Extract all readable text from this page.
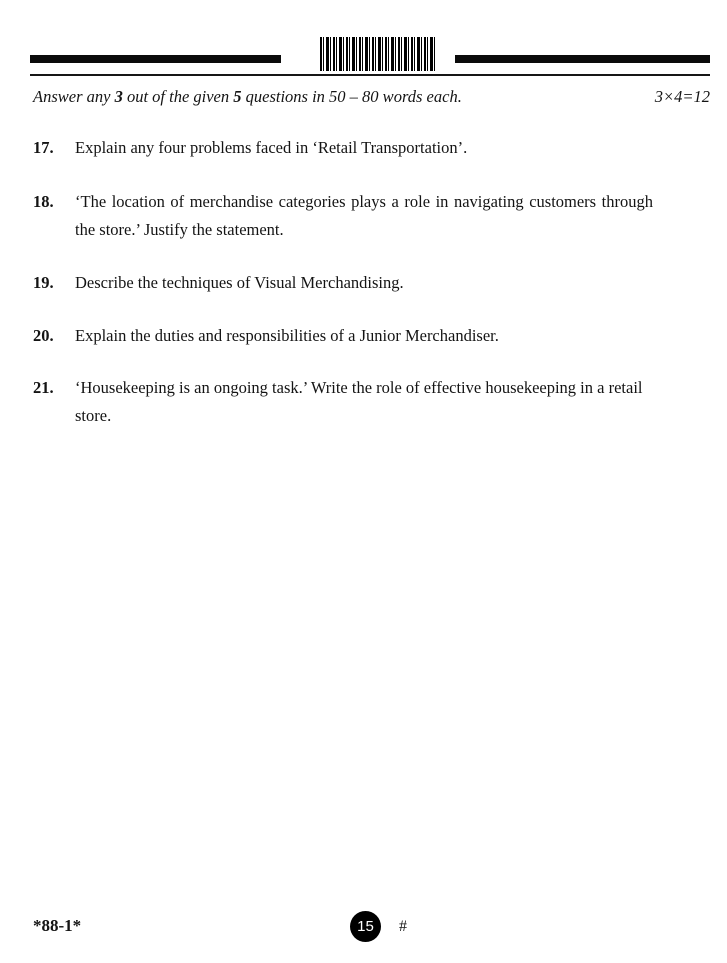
Answer any 3 out of the given 5 questions in 50 – 80 words each.	3×4=12
17.	Explain any four problems faced in ‘Retail Transportation’.
18.	‘The location of merchandise categories plays a role in navigating customers through the store.’ Justify the statement.
19.	Describe the techniques of Visual Merchandising.
20.	Explain the duties and responsibilities of a Junior Merchandiser.
21.	‘Housekeeping is an ongoing task.’ Write the role of effective housekeeping in a retail store.
*88-1*	15 #
